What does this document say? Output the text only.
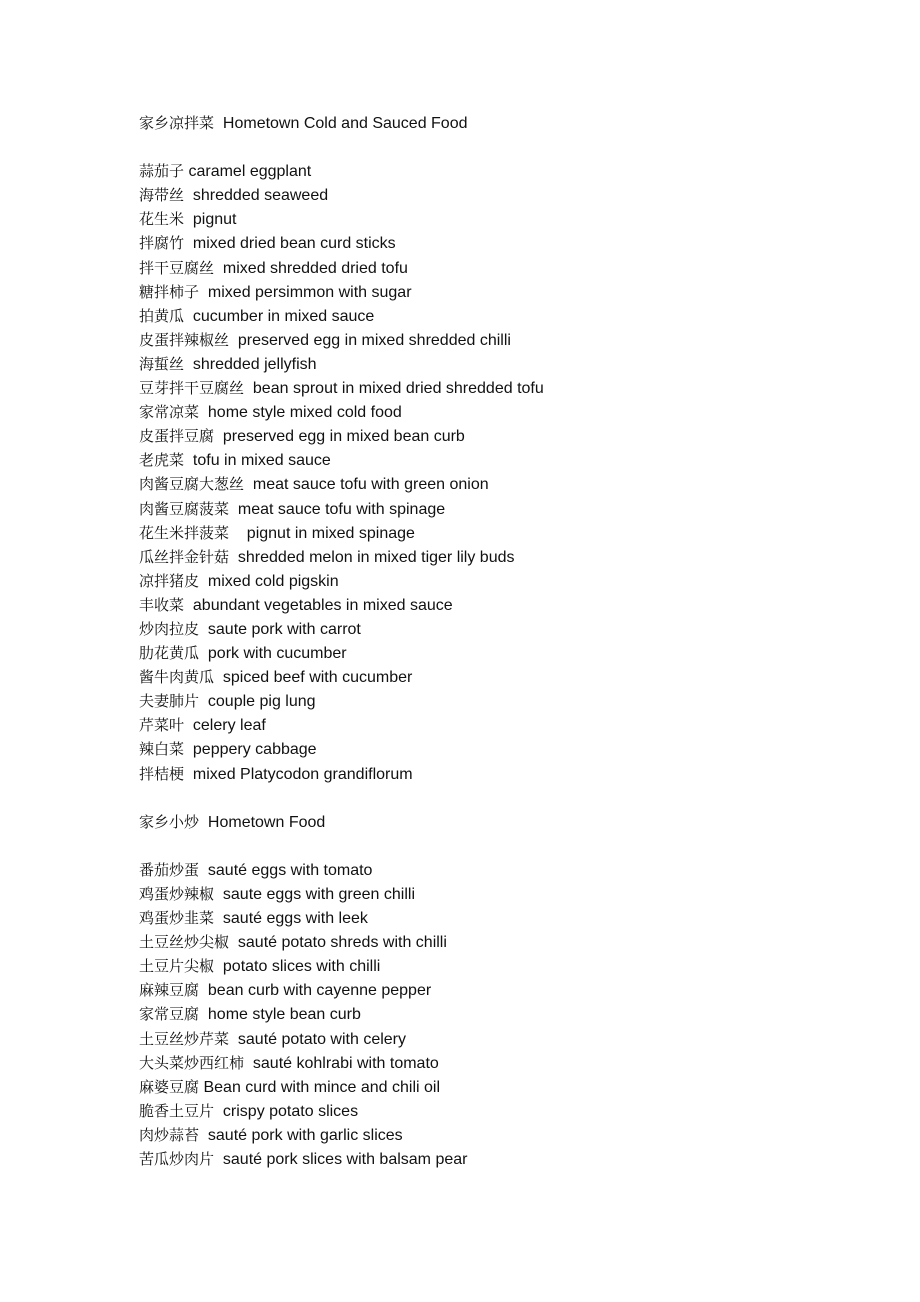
家乡凉拌菜 Hometown Cold and Sauced Food
蒜茄子 caramel eggplant
海带丝 shredded seaweed
花生米 pignut
拌腐竹 mixed dried bean curd sticks
拌干豆腐丝 mixed shredded dried tofu
糖拌柿子 mixed persimmon with sugar
拍黄瓜 cucumber in mixed sauce
皮蛋拌辣椒丝 preserved egg in mixed shredded chilli
海蜇丝 shredded jellyfish
豆芽拌干豆腐丝 bean sprout in mixed dried shredded tofu
家常凉菜 home style mixed cold food
皮蛋拌豆腐 preserved egg in mixed bean curb
老虎菜 tofu in mixed sauce
肉酱豆腐大葱丝 meat sauce tofu with green onion
肉酱豆腐菠菜 meat sauce tofu with spinage
花生米拌菠菜 pignut in mixed spinage
瓜丝拌金针菇 shredded melon in mixed tiger lily buds
凉拌猪皮 mixed cold pigskin
丰收菜 abundant vegetables in mixed sauce
炒肉拉皮 saute pork with carrot
肋花黄瓜 pork with cucumber
酱牛肉黄瓜 spiced beef with cucumber
夫妻肺片 couple pig lung
芹菜叶 celery leaf
辣白菜 peppery cabbage
拌桔梗 mixed Platycodon grandiflorum
家乡小炒 Hometown Food
番茄炒蛋 sauté eggs with tomato
鸡蛋炒辣椒 saute eggs with green chilli
鸡蛋炒韭菜 sauté eggs with leek
土豆丝炒尖椒 sauté potato shreds with chilli
土豆片尖椒 potato slices with chilli
麻辣豆腐 bean curb with cayenne pepper
家常豆腐 home style bean curb
土豆丝炒芹菜 sauté potato with celery
大头菜炒西红柿 sauté kohlrabi with tomato
麻婆豆腐 Bean curd with mince and chili oil
脆香土豆片 crispy potato slices
肉炒蒜苔 sauté pork with garlic slices
苦瓜炒肉片 sauté pork slices with balsam pear
